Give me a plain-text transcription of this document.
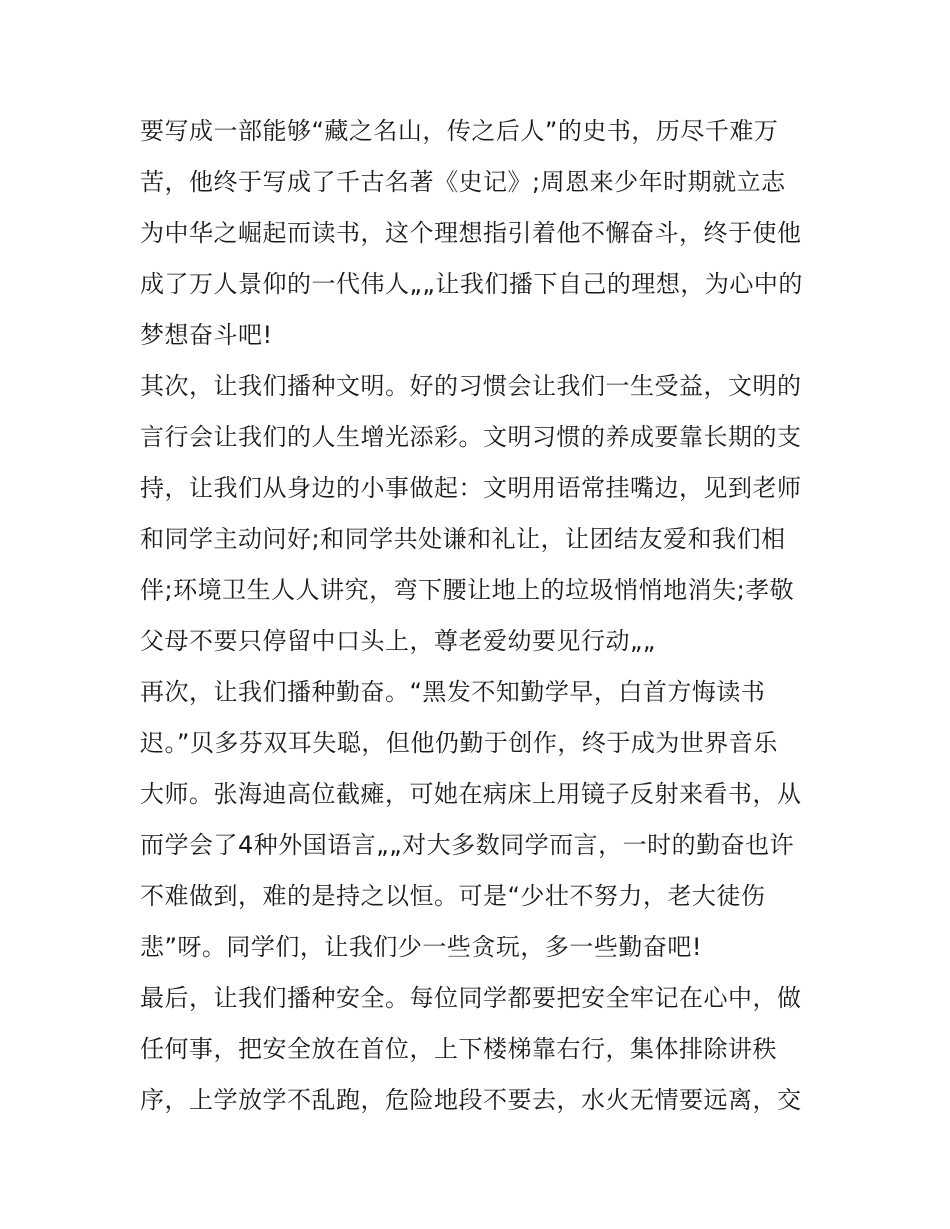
要写成一部能够“藏之名山，传之后人”的史书，历尽千难万
苦，他终于写成了千古名著《史记》;周恩来少年时期就立志
为中华之崛起而读书，这个理想指引着他不懈奋斗，终于使他
成了万人景仰的一代伟人„„让我们播下自己的理想，为心中的
梦想奋斗吧!
其次，让我们播种文明。好的习惯会让我们一生受益，文明的
言行会让我们的人生增光添彩。文明习惯的养成要靠长期的支
持，让我们从身边的小事做起：文明用语常挂嘴边，见到老师
和同学主动问好;和同学共处谦和礼让，让团结友爱和我们相
伴;环境卫生人人讲究，弯下腰让地上的垃圾悄悄地消失;孝敬
父母不要只停留中口头上，尊老爱幼要见行动„„
再次，让我们播种勤奋。“黑发不知勤学早，白首方悔读书
迟。”贝多芬双耳失聪，但他仍勤于创作，终于成为世界音乐
大师。张海迪高位截瘫，可她在病床上用镜子反射来看书，从
而学会了4种外国语言„„对大多数同学而言，一时的勤奋也许
不难做到，难的是持之以恒。可是“少壮不努力，老大徒伤
悲”呀。同学们，让我们少一些贪玩，多一些勤奋吧!
最后，让我们播种安全。每位同学都要把安全牢记在心中，做
任何事，把安全放在首位，上下楼梯靠右行，集体排除讲秩
序，上学放学不乱跑，危险地段不要去，水火无情要远离，交
